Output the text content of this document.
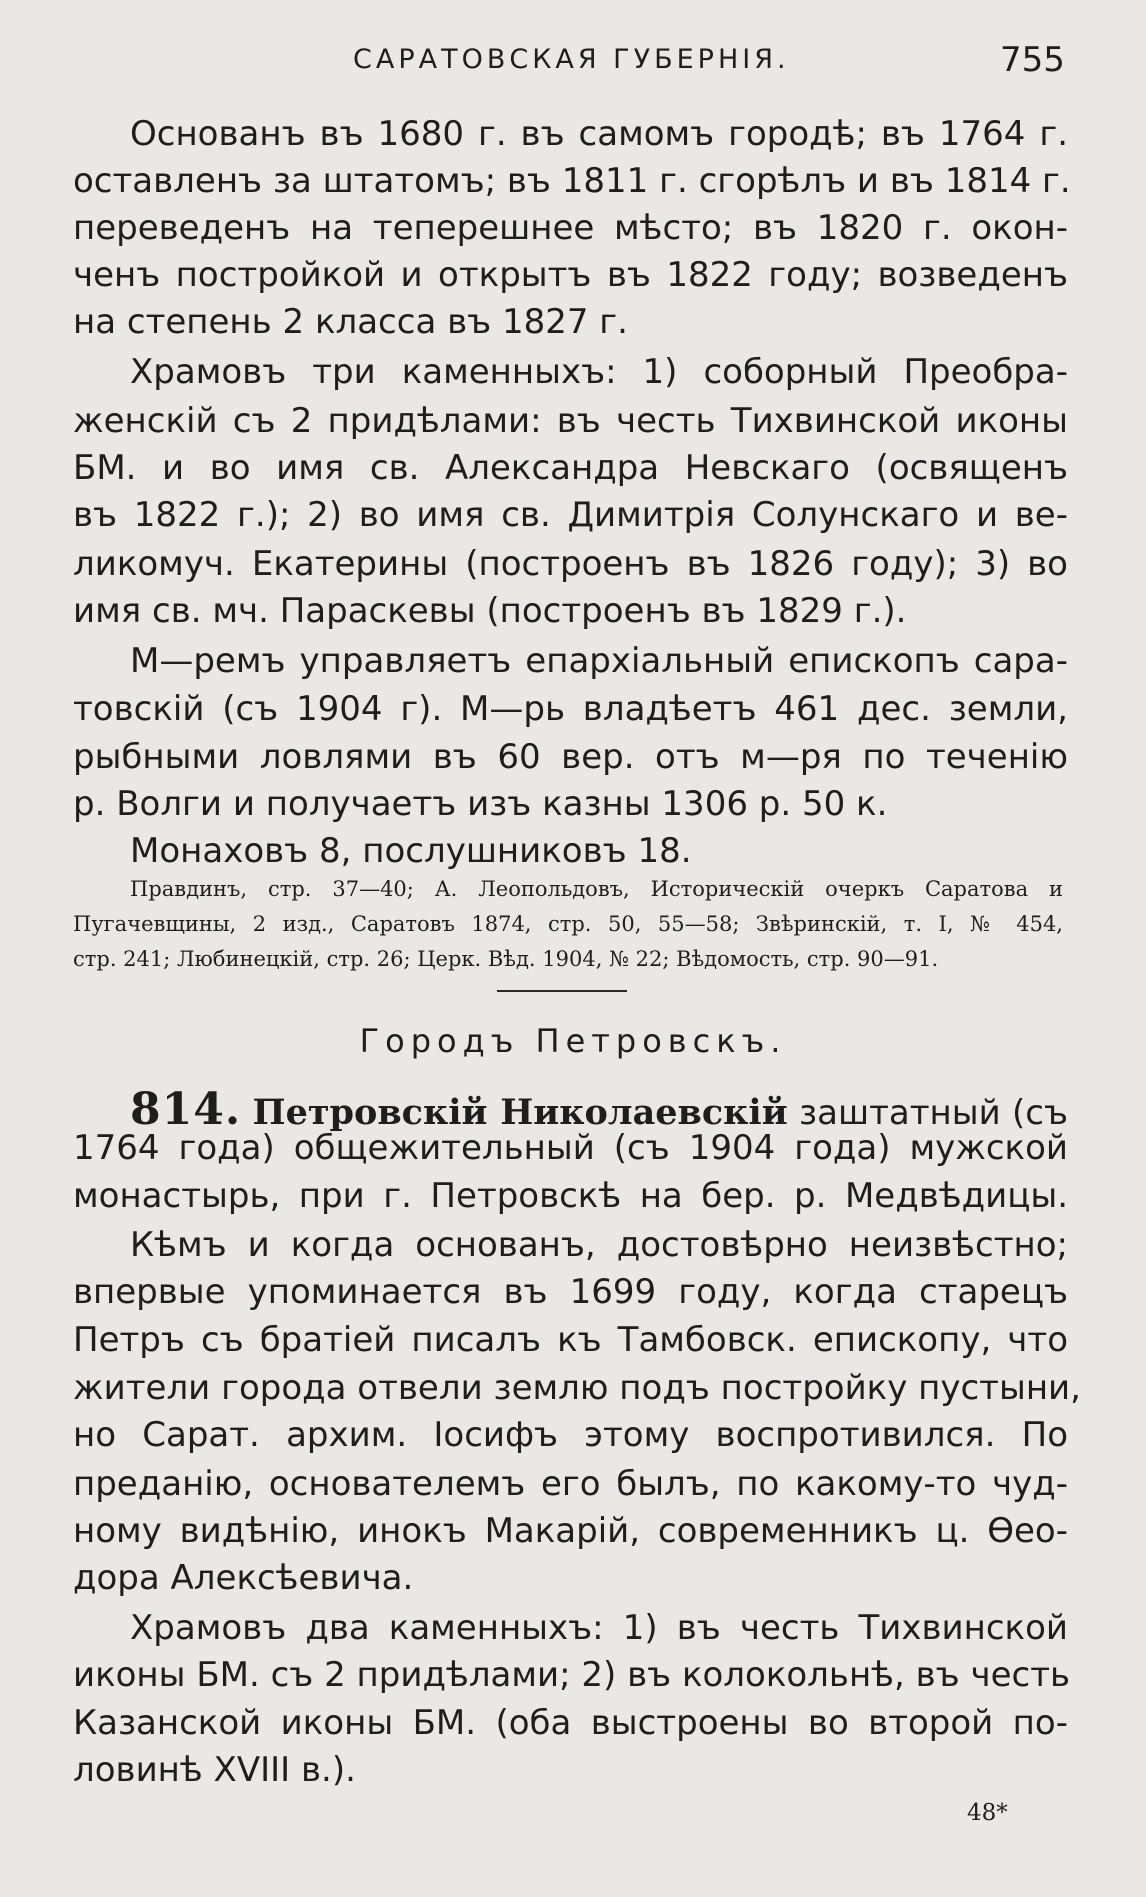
САРАТОВСКАЯ ГУБЕРНІЯ.	755
Основанъ въ 1680 г. въ самомъ городѣ; въ 1764 г.
оставленъ за штатомъ; въ 1811 г. сгорѣлъ и въ 1814 г.
переведенъ на теперешнее мѣсто; въ 1820 г. окон-
ченъ постройкой и открытъ въ 1822 году; возведенъ
на степень 2 класса въ 1827 г.
Храмовъ три каменныхъ: 1) соборный Преобра-
женскій съ 2 придѣлами: въ честь Тихвинской иконы
БМ. и во имя св. Александра Невскаго (освященъ
въ 1822 г.); 2) во имя св. Димитрія Солунскаго и ве-
ликомуч. Екатерины (построенъ въ 1826 году); 3) во
имя св. мч. Параскевы (построенъ въ 1829 г.).
М—ремъ управляетъ епархіальный епископъ сара-
товскій (съ 1904 г). М—рь владѣетъ 461 дес. земли,
рыбными ловлями въ 60 вер. отъ м—ря по теченію
р. Волги и получаетъ изъ казны 1306 р. 50 к.
Монаховъ 8, послушниковъ 18.
Правдинъ, стр. 37—40; А. Леопольдовъ, Историческій очеркъ Саратова и
Пугачевщины, 2 изд., Саратовъ 1874, стр. 50, 55—58; Звѣринскій, т. I, № 454,
стр. 241; Любинецкій, стр. 26; Церк. Вѣд. 1904, № 22; Вѣдомость, стр. 90—91.
Городъ Петровскъ.
814. Петровскій Николаевскій заштатный (съ
1764 года) общежительный (съ 1904 года) мужской
монастырь, при г. Петровскѣ на бер. р. Медвѣдицы.
Кѣмъ и когда основанъ, достовѣрно неизвѣстно;
впервые упоминается въ 1699 году, когда старецъ
Петръ съ братіей писалъ къ Тамбовск. епископу, что
жители города отвели землю подъ постройку пустыни,
но Сарат. архим. Іосифъ этому воспротивился. По
преданію, основателемъ его былъ, по какому-то чуд-
ному видѣнію, инокъ Макарій, современникъ ц. Ѳео-
дора Алексѣевича.
Храмовъ два каменныхъ: 1) въ честь Тихвинской
иконы БМ. съ 2 придѣлами; 2) въ колокольнѣ, въ честь
Казанской иконы БМ. (оба выстроены во второй по-
ловинѣ XVIII в.).
48*
